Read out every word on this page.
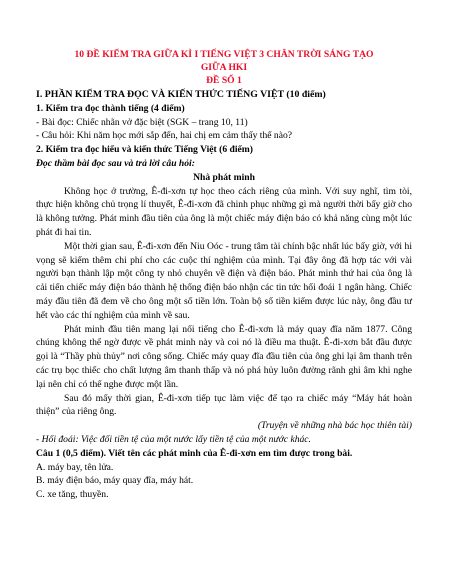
10 ĐỀ KIỂM TRA GIỮA KÌ I TIẾNG VIỆT 3 CHÂN TRỜI SÁNG TẠO

GIỮA HKI

ĐỀ SỐ 1

I. PHẦN KIỂM TRA ĐỌC VÀ KIẾN THỨC TIẾNG VIỆT (10 điểm)

1. Kiểm tra đọc thành tiếng (4 điểm)

- Bài đọc: Chiếc nhãn vở đặc biệt (SGK – trang 10, 11)

- Câu hỏi: Khi năm học mới sắp đến, hai chị em cảm thấy thế nào?

2. Kiểm tra đọc hiểu và kiến thức Tiếng Việt (6 điểm)

Đọc thầm bài đọc sau và trả lời câu hỏi:

Nhà phát minh

Không học ở trường, Ê-đi-xơn tự học theo cách riêng của mình. Với suy nghĩ, tìm tòi, thực hiện không chủ trọng lí thuyết, Ê-đi-xơn đã chinh phục những gì mà người thời bấy giờ cho là không tưởng. Phát minh đầu tiên của ông là một chiếc máy điện báo có khả năng cùng một lúc phát đi hai tin.

Một thời gian sau, Ê-đi-xơn đến Niu Oóc - trung tâm tài chính bậc nhất lúc bấy giờ, với hi vọng sẽ kiếm thêm chi phí cho các cuộc thí nghiệm của mình. Tại đây ông đã hợp tác với vài người bạn thành lập một công ty nhỏ chuyên về điện và điện báo. Phát minh thứ hai của ông là cải tiến chiếc máy điện báo thành hệ thống điện báo nhận các tin tức hối đoái 1 ngân hàng. Chiếc máy đầu tiên đã đem về cho ông một số tiền lớn. Toàn bộ số tiền kiếm được lúc này, ông đầu tư hết vào các thí nghiệm của mình về sau.

Phát minh đầu tiên mang lại nổi tiếng cho Ê-đi-xơn là máy quay đĩa năm 1877. Công chúng không thể ngờ được về phát minh này và coi nó là điều ma thuật. Ê-đi-xơn bắt đầu được gọi là “Thầy phù thủy” nơi công sống. Chiếc máy quay đĩa đầu tiên của ông ghi lại âm thanh trên các trụ bọc thiếc cho chất lượng âm thanh thấp và nó phá hủy luôn đường rãnh ghi âm khi nghe lại nên chỉ có thể nghe được một lần.

Sau đó mấy thời gian, Ê-đi-xơn tiếp tục làm việc để tạo ra chiếc máy “Máy hát hoàn thiện” của riêng ông.

(Truyện về những nhà bác học thiên tài)

- Hối đoái: Việc đổi tiền tệ của một nước lấy tiền tệ của một nước khác.

Câu 1 (0,5 điểm). Viết tên các phát minh của Ê-đi-xơn em tìm được trong bài.

A. máy bay, tên lửa.

B. máy điện báo, máy quay đĩa, máy hát.

C. xe tăng, thuyền.
